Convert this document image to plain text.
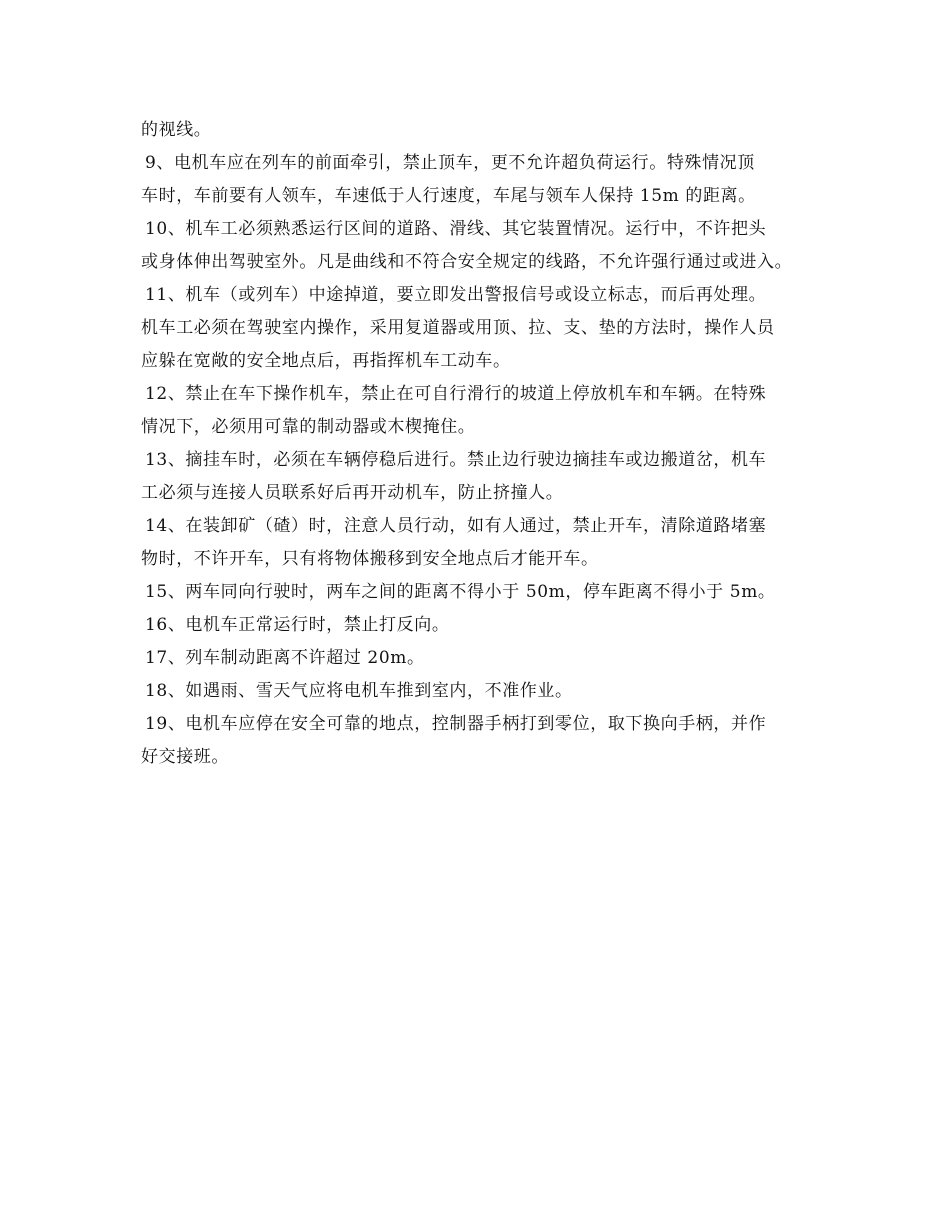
的视线。
9、电机车应在列车的前面牵引，禁止顶车，更不允许超负荷运行。特殊情况顶
车时，车前要有人领车，车速低于人行速度，车尾与领车人保持 15m 的距离。
10、机车工必须熟悉运行区间的道路、滑线、其它装置情况。运行中，不许把头
或身体伸出驾驶室外。凡是曲线和不符合安全规定的线路，不允许强行通过或进入。
11、机车（或列车）中途掉道，要立即发出警报信号或设立标志，而后再处理。
机车工必须在驾驶室内操作，采用复道器或用顶、拉、支、垫的方法时，操作人员
应躲在宽敞的安全地点后，再指挥机车工动车。
12、禁止在车下操作机车，禁止在可自行滑行的坡道上停放机车和车辆。在特殊
情况下，必须用可靠的制动器或木楔掩住。
13、摘挂车时，必须在车辆停稳后进行。禁止边行驶边摘挂车或边搬道岔，机车
工必须与连接人员联系好后再开动机车，防止挤撞人。
14、在装卸矿（碴）时，注意人员行动，如有人通过，禁止开车，清除道路堵塞
物时，不许开车，只有将物体搬移到安全地点后才能开车。
15、两车同向行驶时，两车之间的距离不得小于 50m，停车距离不得小于 5m。
16、电机车正常运行时，禁止打反向。
17、列车制动距离不许超过 20m。
18、如遇雨、雪天气应将电机车推到室内，不准作业。
19、电机车应停在安全可靠的地点，控制器手柄打到零位，取下换向手柄，并作
好交接班。
